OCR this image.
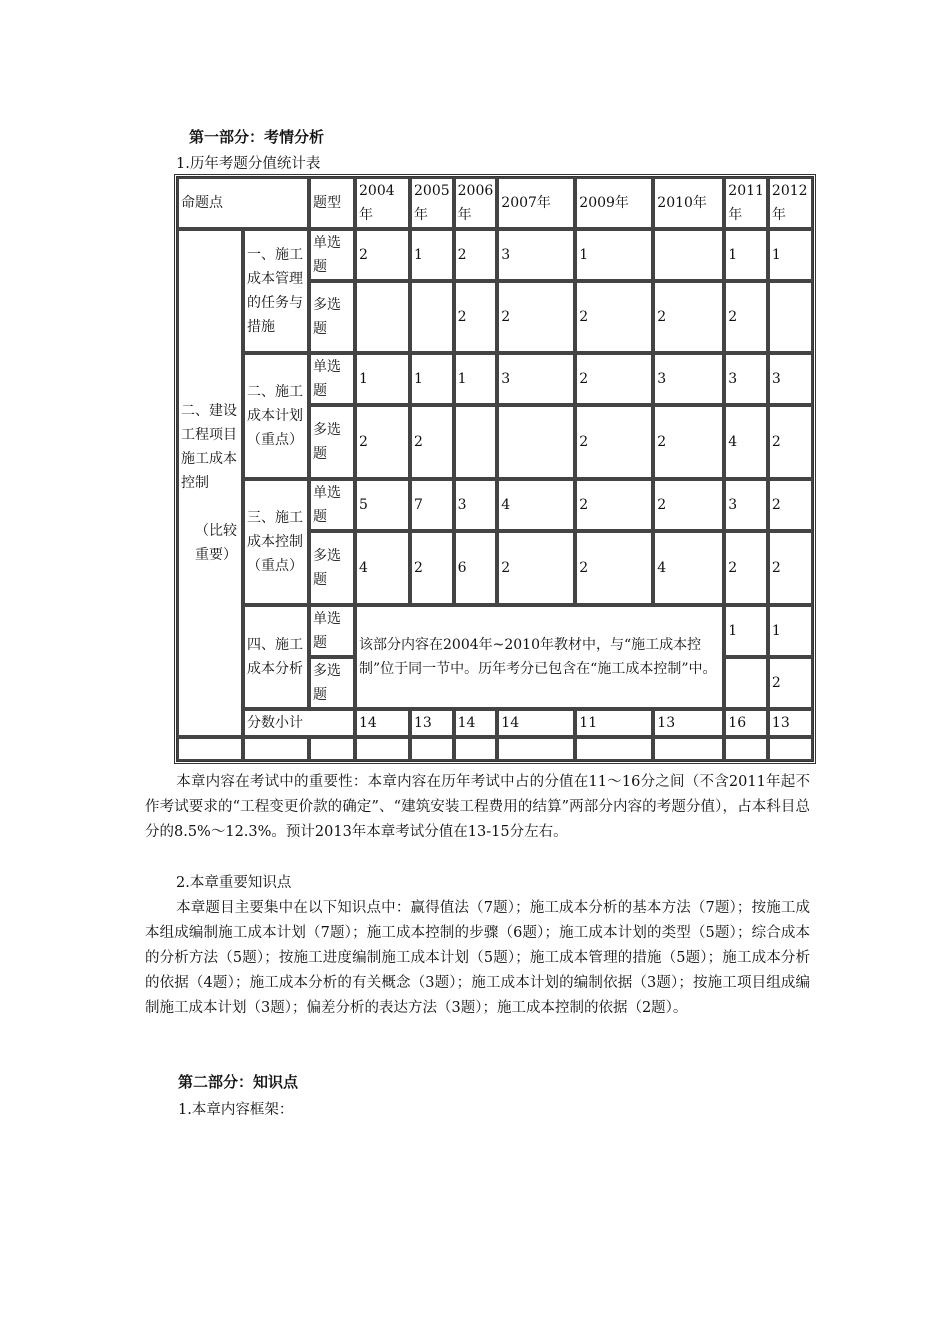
第一部分：考情分析
1.历年考题分值统计表
命题点		题型	2004年	2005年	2006年	2007年	2009年	2010年	2011年	2012年

二、建设工程项目施工成本控制
（比较重要）	一、施工成本管理的任务与措施	单选题	2	1	2	3	1		1	1
		多选题			2	2	2	2	2	
	二、施工成本计划（重点）	单选题	1	1	1	3	2	3	3	3
		多选题	2	2			2	2	4	2
	三、施工成本控制（重点）	单选题	5	7	3	4	2	2	3	2
		多选题	4	2	6	2	2	4	2	2
	四、施工成本分析	单选题	该部分内容在2004年~2010年教材中，与“施工成本控制”位于同一节中。历年考分已包含在“施工成本控制”中。						1	1
		多选题								2
	分数小计		14	13	14	14	11	13	16	13

本章内容在考试中的重要性：本章内容在历年考试中占的分值在11～16分之间（不含2011年起不作考试要求的“工程变更价款的确定”、“建筑安装工程费用的结算”两部分内容的考题分值），占本科目总分的8.5%～12.3%。预计2013年本章考试分值在13-15分左右。
2.本章重要知识点
本章题目主要集中在以下知识点中：赢得值法（7题）；施工成本分析的基本方法（7题）；按施工成本组成编制施工成本计划（7题）；施工成本控制的步骤（6题）；施工成本计划的类型（5题）；综合成本的分析方法（5题）；按施工进度编制施工成本计划（5题）；施工成本管理的措施（5题）；施工成本分析的依据（4题）；施工成本分析的有关概念（3题）；施工成本计划的编制依据（3题）；按施工项目组成编制施工成本计划（3题）；偏差分析的表达方法（3题）；施工成本控制的依据（2题）。
第二部分：知识点
1.本章内容框架：
